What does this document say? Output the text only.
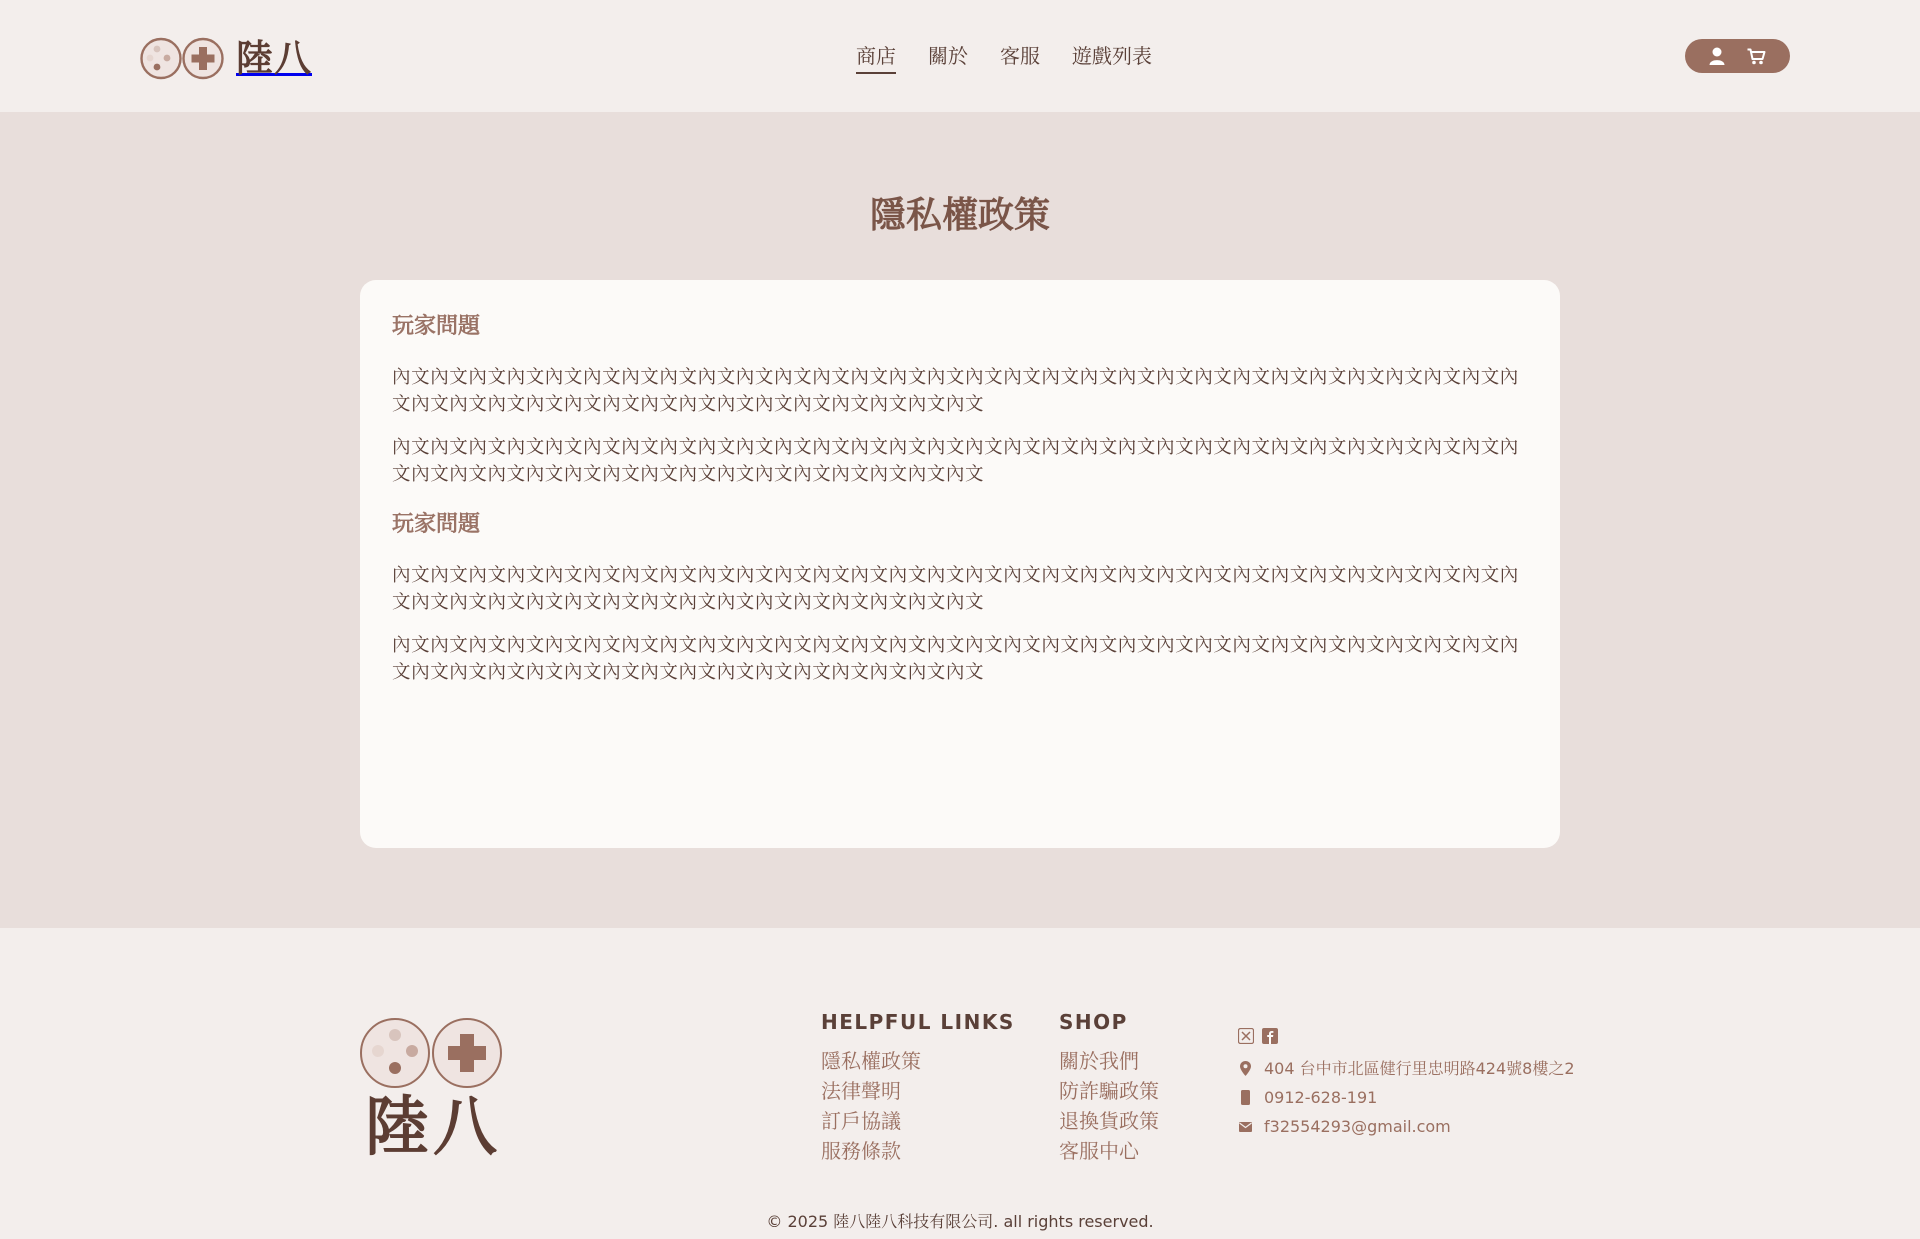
陸八	商店 關於 客服 遊戲列表
隱私權政策
玩家問題

內文內文內文內文內文內文內文內文內文內文內文內文內文內文內文內文內文內文內文內文內文內文內文內文內文內文內文內文內文內文內文內文內文內文內文內文內文內文內文內文內文內文內文內文內文

內文內文內文內文內文內文內文內文內文內文內文內文內文內文內文內文內文內文內文內文內文內文內文內文內文內文內文內文內文內文內文內文內文內文內文內文內文內文內文內文內文內文內文內文內文

玩家問題

內文內文內文內文內文內文內文內文內文內文內文內文內文內文內文內文內文內文內文內文內文內文內文內文內文內文內文內文內文內文內文內文內文內文內文內文內文內文內文內文內文內文內文內文內文

內文內文內文內文內文內文內文內文內文內文內文內文內文內文內文內文內文內文內文內文內文內文內文內文內文內文內文內文內文內文內文內文內文內文內文內文內文內文內文內文內文內文內文內文內文

陸八
HELPFUL LINKS
隱私權政策
法律聲明
訂戶協議
服務條款
SHOP
關於我們
防詐騙政策
退換貨政策
客服中心
404 台中市北區健行里忠明路424號8樓之2
0912-628-191
f32554293@gmail.com
© 2025 陸八陸八科技有限公司. all rights reserved.
